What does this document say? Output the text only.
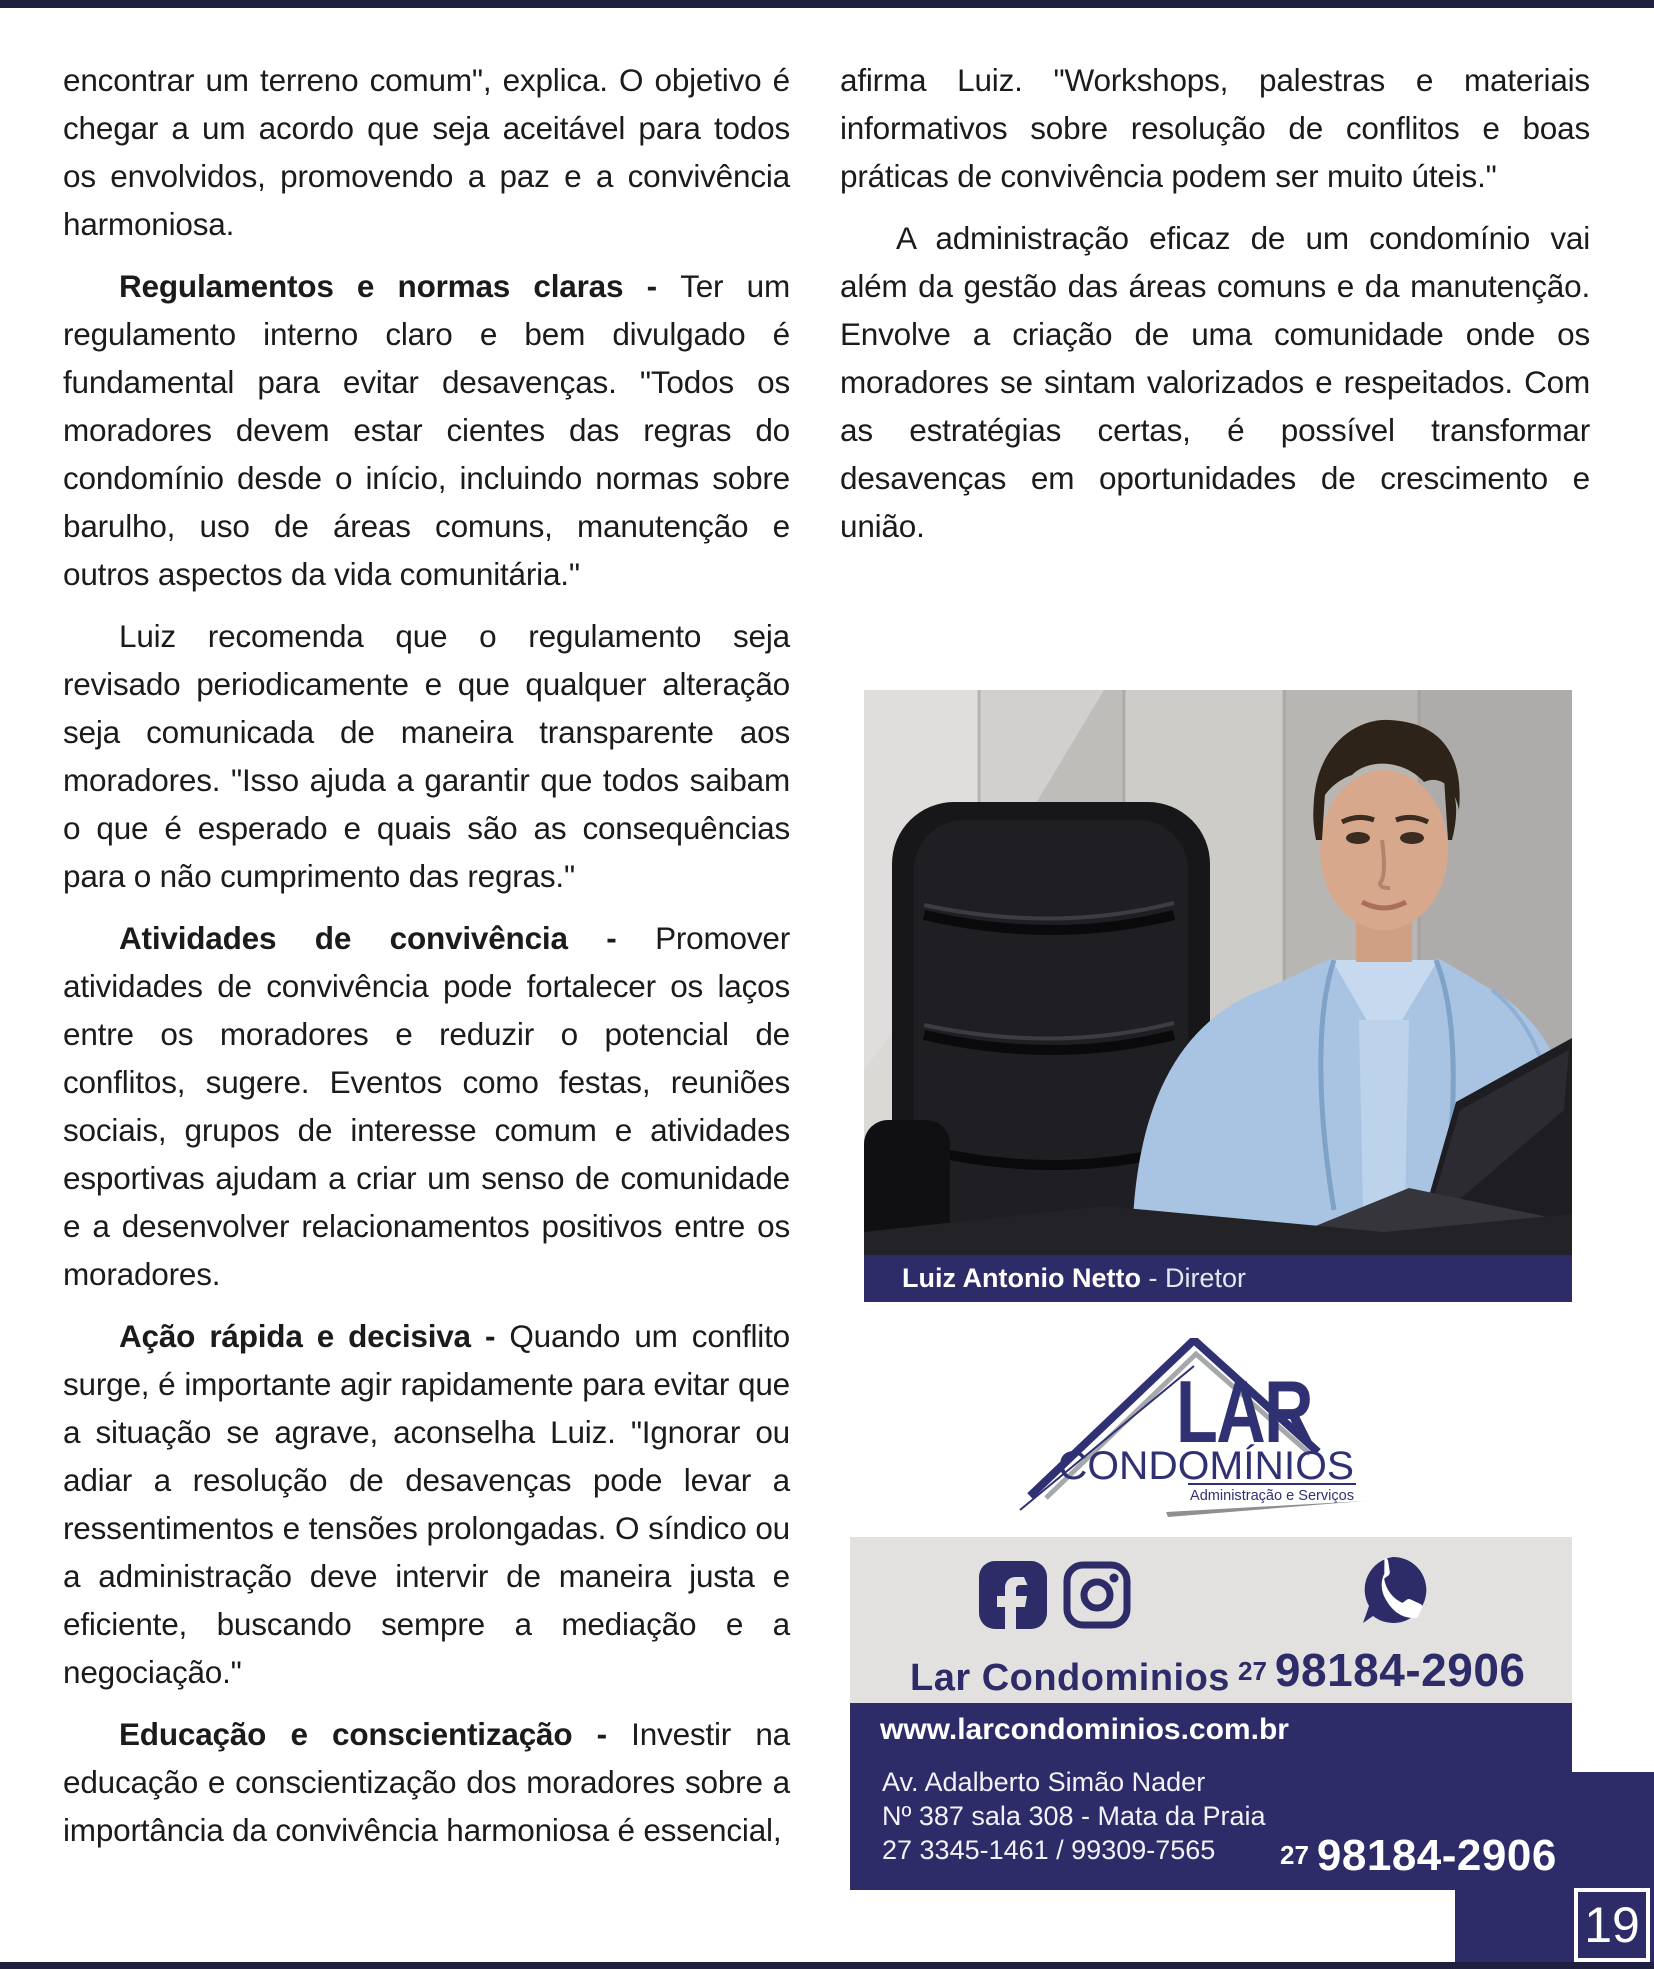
encontrar um terreno comum", explica. O objetivo é chegar a um acordo que seja aceitável para todos os envolvidos, promovendo a paz e a convivência harmoniosa.

Regulamentos e normas claras - Ter um regulamento interno claro e bem divulgado é fundamental para evitar desavenças. "Todos os moradores devem estar cientes das regras do condomínio desde o início, incluindo normas sobre barulho, uso de áreas comuns, manutenção e outros aspectos da vida comunitária."

Luiz recomenda que o regulamento seja revisado periodicamente e que qualquer alteração seja comunicada de maneira transparente aos moradores. "Isso ajuda a garantir que todos saibam o que é esperado e quais são as consequências para o não cumprimento das regras."

Atividades de convivência - Promover atividades de convivência pode fortalecer os laços entre os moradores e reduzir o potencial de conflitos, sugere. Eventos como festas, reuniões sociais, grupos de interesse comum e atividades esportivas ajudam a criar um senso de comunidade e a desenvolver relacionamentos positivos entre os moradores.

Ação rápida e decisiva - Quando um conflito surge, é importante agir rapidamente para evitar que a situação se agrave, aconselha Luiz. "Ignorar ou adiar a resolução de desavenças pode levar a ressentimentos e tensões prolongadas. O síndico ou a administração deve intervir de maneira justa e eficiente, buscando sempre a mediação e a negociação."

Educação e conscientização - Investir na educação e conscientização dos moradores sobre a importância da convivência harmoniosa é essencial,

afirma Luiz. "Workshops, palestras e materiais informativos sobre resolução de conflitos e boas práticas de convivência podem ser muito úteis."

A administração eficaz de um condomínio vai além da gestão das áreas comuns e da manutenção. Envolve a criação de uma comunidade onde os moradores se sintam valorizados e respeitados. Com as estratégias certas, é possível transformar desavenças em oportunidades de crescimento e união.

Luiz Antonio Netto - Diretor
LAR
CONDOMÍNIOS
Administração e Serviços
Lar Condominios 27 98184-2906
www.larcondominios.com.br
Av. Adalberto Simão Nader
Nº 387 sala 308 - Mata da Praia
27 3345-1461 / 99309-7565	27 98184-2906
19
